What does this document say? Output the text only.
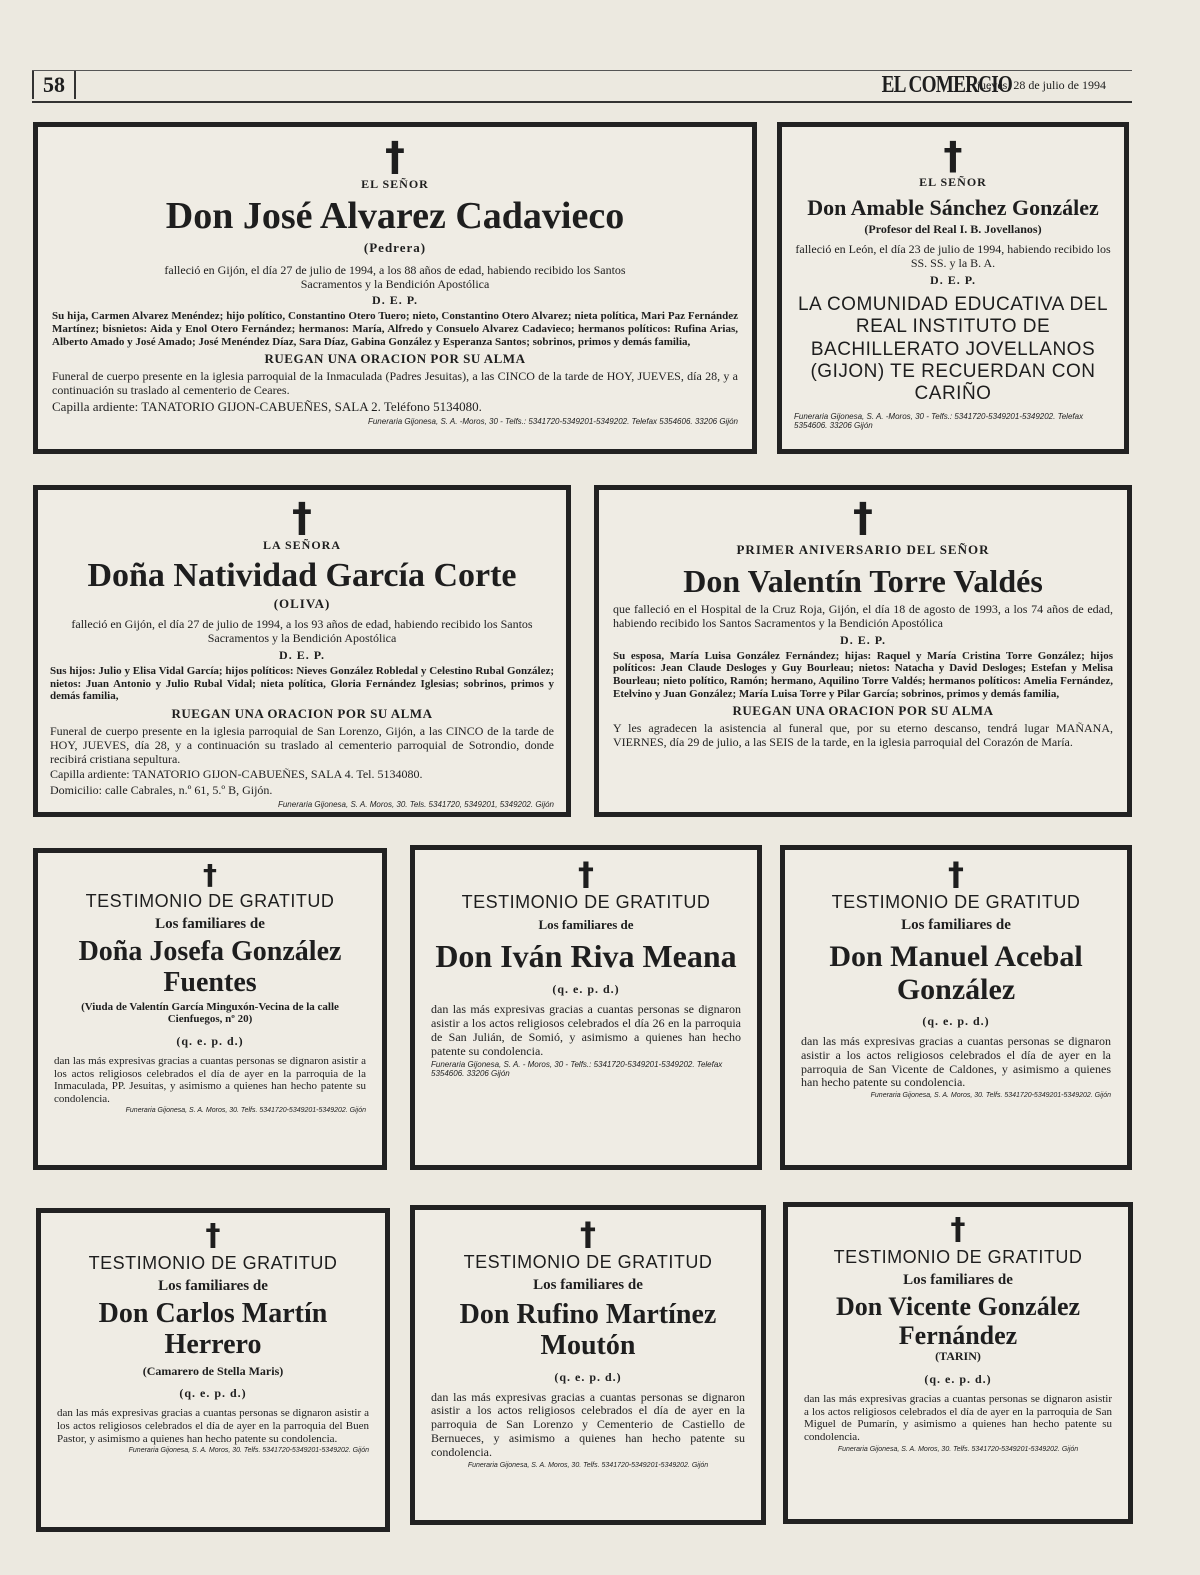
58	EL COMERCIO
jueves, 28 de julio de 1994
†
EL SEÑOR
Don José Alvarez Cadavieco
(Pedrera)

falleció en Gijón, el día 27 de julio de 1994, a los 88 años de edad, habiendo recibido los Santos Sacramentos y la Bendición Apostólica

D. E. P.

Su hija, Carmen Alvarez Menéndez; hijo político, Constantino Otero Tuero; nieto, Constantino Otero Alvarez; nieta política, Mari Paz Fernández Martínez; bisnietos: Aida y Enol Otero Fernández; hermanos: María, Alfredo y Consuelo Alvarez Cadavieco; hermanos políticos: Rufina Arias, Alberto Amado y José Amado; José Menéndez Díaz, Sara Díaz, Gabina González y Esperanza Santos; sobrinos, primos y demás familia,

RUEGAN UNA ORACION POR SU ALMA

Funeral de cuerpo presente en la iglesia parroquial de la Inmaculada (Padres Jesuitas), a las CINCO de la tarde de HOY, JUEVES, día 28, y a continuación su traslado al cementerio de Ceares.

Capilla ardiente: TANATORIO GIJON-CABUEÑES, SALA 2. Teléfono 5134080.

Funeraria Gijonesa, S. A. -Moros, 30 - Telfs.: 5341720-5349201-5349202. Telefax 5354606. 33206 Gijón
†
EL SEÑOR
Don Amable Sánchez González
(Profesor del Real I. B. Jovellanos)

falleció en León, el día 23 de julio de 1994, habiendo recibido los SS. SS. y la B. A.

D. E. P.
LA COMUNIDAD EDUCATIVA DEL REAL INSTITUTO DE BACHILLERATO JOVELLANOS (GIJON) TE RECUERDAN CON CARIÑO
Funeraria Gijonesa, S. A. -Moros, 30 - Telfs.: 5341720-5349201-5349202. Telefax 5354606. 33206 Gijón
†
LA SEÑORA
Doña Natividad García Corte
(OLIVA)

falleció en Gijón, el día 27 de julio de 1994, a los 93 años de edad, habiendo recibido los Santos Sacramentos y la Bendición Apostólica

D. E. P.

Sus hijos: Julio y Elisa Vidal García; hijos políticos: Nieves González Robledal y Celestino Rubal González; nietos: Juan Antonio y Julio Rubal Vidal; nieta política, Gloria Fernández Iglesias; sobrinos, primos y demás familia,

RUEGAN UNA ORACION POR SU ALMA

Funeral de cuerpo presente en la iglesia parroquial de San Lorenzo, Gijón, a las CINCO de la tarde de HOY, JUEVES, día 28, y a continuación su traslado al cementerio parroquial de Sotrondio, donde recibirá cristiana sepultura.

Capilla ardiente: TANATORIO GIJON-CABUEÑES, SALA 4. Tel. 5134080.

Domicilio: calle Cabrales, n.º 61, 5.º B, Gijón.

Funeraria Gijonesa, S. A. Moros, 30. Tels. 5341720, 5349201, 5349202. Gijón
†
PRIMER ANIVERSARIO DEL SEÑOR
Don Valentín Torre Valdés

que falleció en el Hospital de la Cruz Roja, Gijón, el día 18 de agosto de 1993, a los 74 años de edad, habiendo recibido los Santos Sacramentos y la Bendición Apostólica

D. E. P.

Su esposa, María Luisa González Fernández; hijas: Raquel y María Cristina Torre González; hijos políticos: Jean Claude Desloges y Guy Bourleau; nietos: Natacha y David Desloges; Estefan y Melisa Bourleau; nieto político, Ramón; hermano, Aquilino Torre Valdés; hermanos políticos: Amelia Fernández, Etelvino y Juan González; María Luisa Torre y Pilar García; sobrinos, primos y demás familia,

RUEGAN UNA ORACION POR SU ALMA

Y les agradecen la asistencia al funeral que, por su eterno descanso, tendrá lugar MAÑANA, VIERNES, día 29 de julio, a las SEIS de la tarde, en la iglesia parroquial del Corazón de María.

†
TESTIMONIO DE GRATITUD
Los familiares de
Doña Josefa González Fuentes
(Viuda de Valentín García Minguxón-Vecina de la calle Cienfuegos, nº 20)
(q. e. p. d.)

dan las más expresivas gracias a cuantas personas se dignaron asistir a los actos religiosos celebrados el día de ayer en la parroquia de la Inmaculada, PP. Jesuitas, y asimismo a quienes han hecho patente su condolencia.

Funeraria Gijonesa, S. A. Moros, 30. Telfs. 5341720-5349201-5349202. Gijón
†
TESTIMONIO DE GRATITUD
Los familiares de
Don Iván Riva Meana
(q. e. p. d.)

dan las más expresivas gracias a cuantas personas se dignaron asistir a los actos religiosos celebrados el día 26 en la parroquia de San Julián, de Somió, y asimismo a quienes han hecho patente su condolencia.

Funeraria Gijonesa, S. A. - Moros, 30 - Telfs.: 5341720-5349201-5349202. Telefax 5354606. 33206 Gijón
†
TESTIMONIO DE GRATITUD
Los familiares de
Don Manuel Acebal González
(q. e. p. d.)

dan las más expresivas gracias a cuantas personas se dignaron asistir a los actos religiosos celebrados el día de ayer en la parroquia de San Vicente de Caldones, y asimismo a quienes han hecho patente su condolencia.

Funeraria Gijonesa, S. A. Moros, 30. Telfs. 5341720-5349201-5349202. Gijón
†
TESTIMONIO DE GRATITUD
Los familiares de
Don Carlos Martín Herrero
(Camarero de Stella Maris)
(q. e. p. d.)

dan las más expresivas gracias a cuantas personas se dignaron asistir a los actos religiosos celebrados el día de ayer en la parroquia del Buen Pastor, y asimismo a quienes han hecho patente su condolencia.

Funeraria Gijonesa, S. A. Moros, 30. Telfs. 5341720-5349201-5349202. Gijón
†
TESTIMONIO DE GRATITUD
Los familiares de
Don Rufino Martínez Moutón
(q. e. p. d.)

dan las más expresivas gracias a cuantas personas se dignaron asistir a los actos religiosos celebrados el día de ayer en la parroquia de San Lorenzo y Cementerio de Castiello de Bernueces, y asimismo a quienes han hecho patente su condolencia.

Funeraria Gijonesa, S. A. Moros, 30. Telfs. 5341720-5349201-5349202. Gijón
†
TESTIMONIO DE GRATITUD
Los familiares de
Don Vicente González Fernández
(TARIN)
(q. e. p. d.)

dan las más expresivas gracias a cuantas personas se dignaron asistir a los actos religiosos celebrados el día de ayer en la parroquia de San Miguel de Pumarín, y asimismo a quienes han hecho patente su condolencia.

Funeraria Gijonesa, S. A. Moros, 30. Telfs. 5341720-5349201-5349202. Gijón
